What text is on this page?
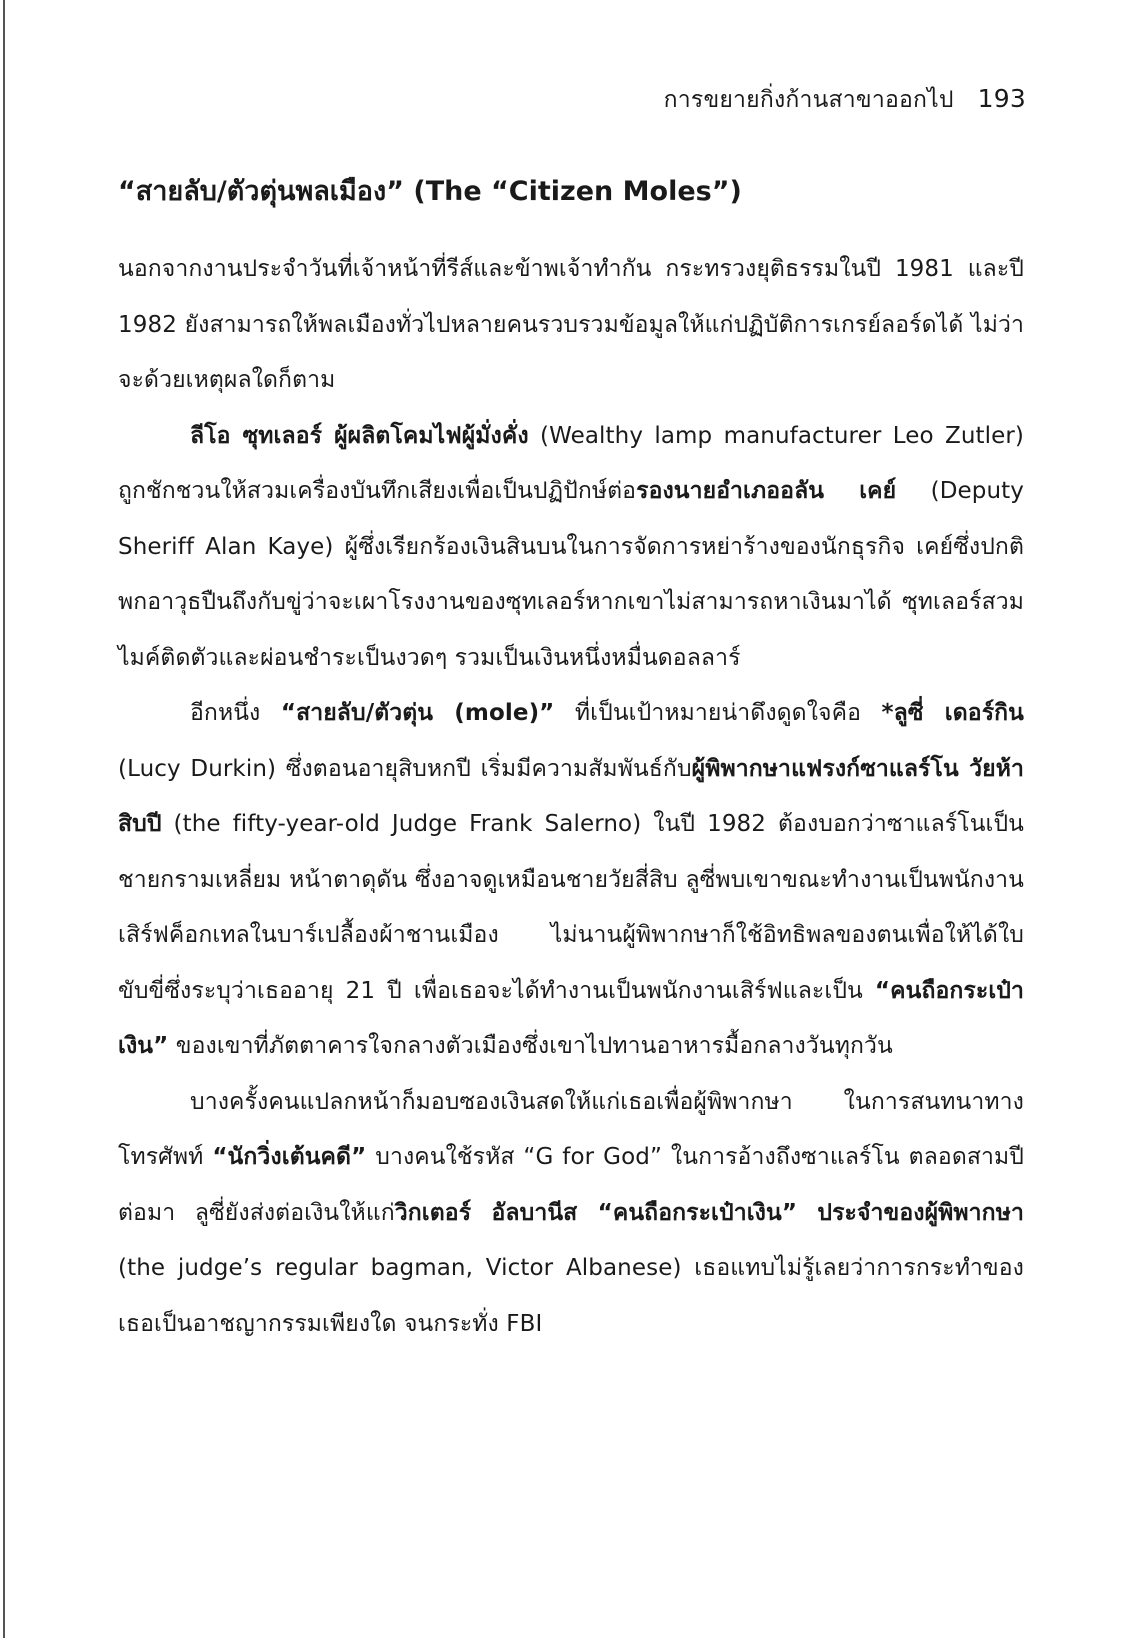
การขยายกิ่งก้านสาขาออกไป 193
“สายลับ/ตัวตุ่นพลเมือง” (The “Citizen Moles”)

นอกจากงานประจำวันที่เจ้าหน้าที่รีส์และข้าพเจ้าทำกัน กระทรวงยุติธรรมในปี 1981 และปี 1982 ยังสามารถให้พลเมืองทั่วไปหลายคนรวบรวมข้อมูลให้แก่ปฏิบัติการเกรย์ลอร์ดได้ ไม่ว่าจะด้วยเหตุผลใดก็ตาม

ลีโอ ซุทเลอร์ ผู้ผลิตโคมไฟผู้มั่งคั่ง (Wealthy lamp manufacturer Leo Zutler) ถูกชักชวนให้สวมเครื่องบันทึกเสียงเพื่อเป็นปฏิปักษ์ต่อรองนายอำเภออลัน เคย์ (Deputy Sheriff Alan Kaye) ผู้ซึ่งเรียกร้องเงินสินบนในการจัดการหย่าร้างของนักธุรกิจ เคย์ซึ่งปกติพกอาวุธปืนถึงกับขู่ว่าจะเผาโรงงานของซุทเลอร์หากเขาไม่สามารถหาเงินมาได้ ซุทเลอร์สวมไมค์ติดตัวและผ่อนชำระเป็นงวดๆ รวมเป็นเงินหนึ่งหมื่นดอลลาร์

อีกหนึ่ง “สายลับ/ตัวตุ่น (mole)” ที่เป็นเป้าหมายน่าดึงดูดใจคือ *ลูซี่ เดอร์กิน (Lucy Durkin) ซึ่งตอนอายุสิบหกปี เริ่มมีความสัมพันธ์กับผู้พิพากษาแฟรงก์ซาแลร์โน วัยห้าสิบปี (the fifty-year-old Judge Frank Salerno) ในปี 1982 ต้องบอกว่าซาแลร์โนเป็นชายกรามเหลี่ยม หน้าตาดุดัน ซึ่งอาจดูเหมือนชายวัยสี่สิบ ลูซี่พบเขาขณะทำงานเป็นพนักงานเสิร์ฟค็อกเทลในบาร์เปลื้องผ้าชานเมือง ไม่นานผู้พิพากษาก็ใช้อิทธิพลของตนเพื่อให้ได้ใบขับขี่ซึ่งระบุว่าเธออายุ 21 ปี เพื่อเธอจะได้ทำงานเป็นพนักงานเสิร์ฟและเป็น “คนถือกระเป๋าเงิน” ของเขาที่ภัตตาคารใจกลางตัวเมืองซึ่งเขาไปทานอาหารมื้อกลางวันทุกวัน

บางครั้งคนแปลกหน้าก็มอบซองเงินสดให้แก่เธอเพื่อผู้พิพากษา ในการสนทนาทางโทรศัพท์ “นักวิ่งเต้นคดี” บางคนใช้รหัส “G for God” ในการอ้างถึงซาแลร์โน ตลอดสามปีต่อมา ลูซี่ยังส่งต่อเงินให้แก่วิกเตอร์ อัลบานีส “คนถือกระเป๋าเงิน” ประจำของผู้พิพากษา (the judge’s regular bagman, Victor Albanese) เธอแทบไม่รู้เลยว่าการกระทำของเธอเป็นอาชญากรรมเพียงใด จนกระทั่ง FBI
